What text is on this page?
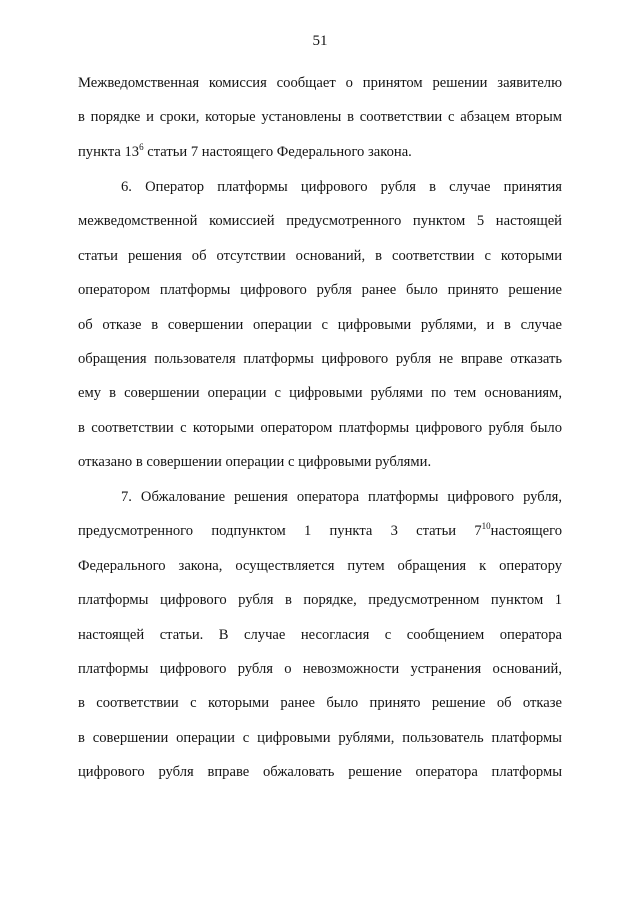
51
Межведомственная комиссия сообщает о принятом решении заявителю
в порядке и сроки, которые установлены в соответствии с абзацем вторым
пункта $13^6$ статьи 7 настоящего Федерального закона.
6. Оператор платформы цифрового рубля в случае принятия
межведомственной комиссией предусмотренного пунктом 5 настоящей
статьи решения об отсутствии оснований, в соответствии с которыми
оператором платформы цифрового рубля ранее было принято решение
об отказе в совершении операции с цифровыми рублями, и в случае
обращения пользователя платформы цифрового рубля не вправе отказать
ему в совершении операции с цифровыми рублями по тем основаниям,
в соответствии с которыми оператором платформы цифрового рубля было
отказано в совершении операции с цифровыми рублями.
7. Обжалование решения оператора платформы цифрового рубля,
предусмотренного подпунктом 1 пункта 3 статьи $7^{10}настоящего$
Федерального закона, осуществляется путем обращения к оператору
платформы цифрового рубля в порядке, предусмотренном пунктом 1
настоящей статьи. В случае несогласия с сообщением оператора
платформы цифрового рубля о невозможности устранения оснований,
в соответствии с которыми ранее было принято решение об отказе
в совершении операции с цифровыми рублями, пользователь платформы
цифрового рубля вправе обжаловать решение оператора платформы
